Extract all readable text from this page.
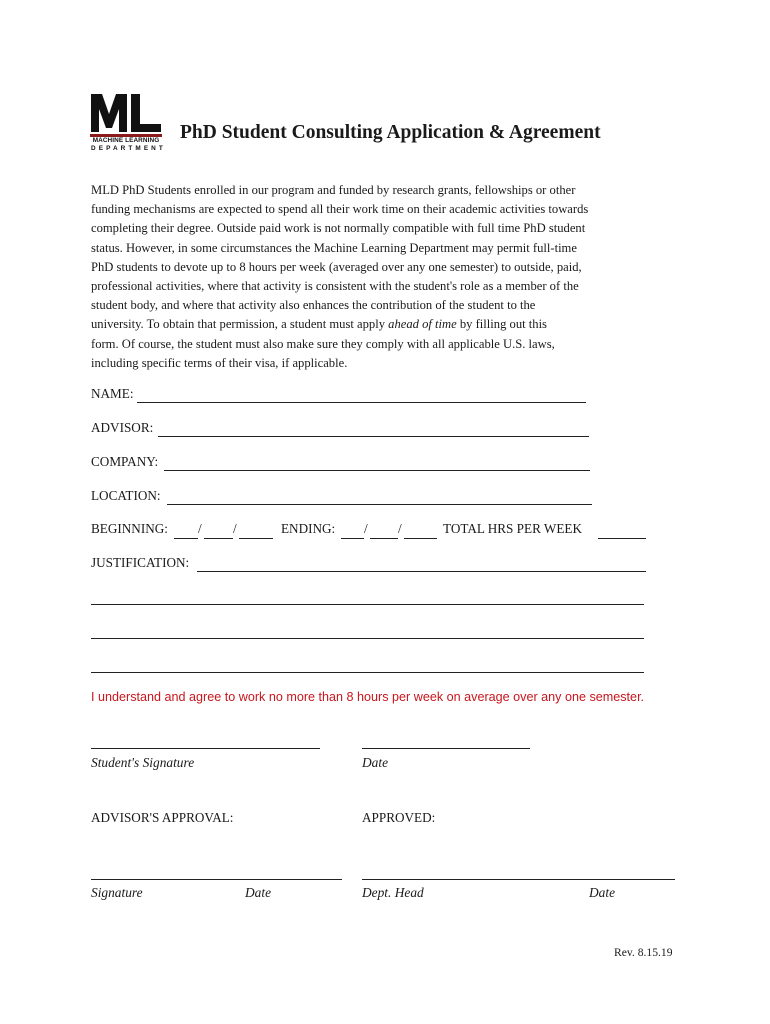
MACHINE LEARNING
DEPARTMENT
PhD Student Consulting Application & Agreement
MLD PhD Students enrolled in our program and funded by research grants, fellowships or other
funding mechanisms are expected to spend all their work time on their academic activities towards
completing their degree. Outside paid work is not normally compatible with full time PhD student
status. However, in some circumstances the Machine Learning Department may permit full-time
PhD students to devote up to 8 hours per week (averaged over any one semester) to outside, paid,
professional activities, where that activity is consistent with the student's role as a member of the
student body, and where that activity also enhances the contribution of the student to the
university. To obtain that permission, a student must apply ahead of time by filling out this
form. Of course, the student must also make sure they comply with all applicable U.S. laws,
including specific terms of their visa, if applicable.
NAME:
ADVISOR:
COMPANY:
LOCATION:
BEGINNING: / /	ENDING: / /	TOTAL HRS PER WEEK
JUSTIFICATION:
I understand and agree to work no more than 8 hours per week on average over any one semester.
Student's Signature	Date
ADVISOR'S APPROVAL:	APPROVED:
Signature	Date	Dept. Head	Date
Rev. 8.15.19
